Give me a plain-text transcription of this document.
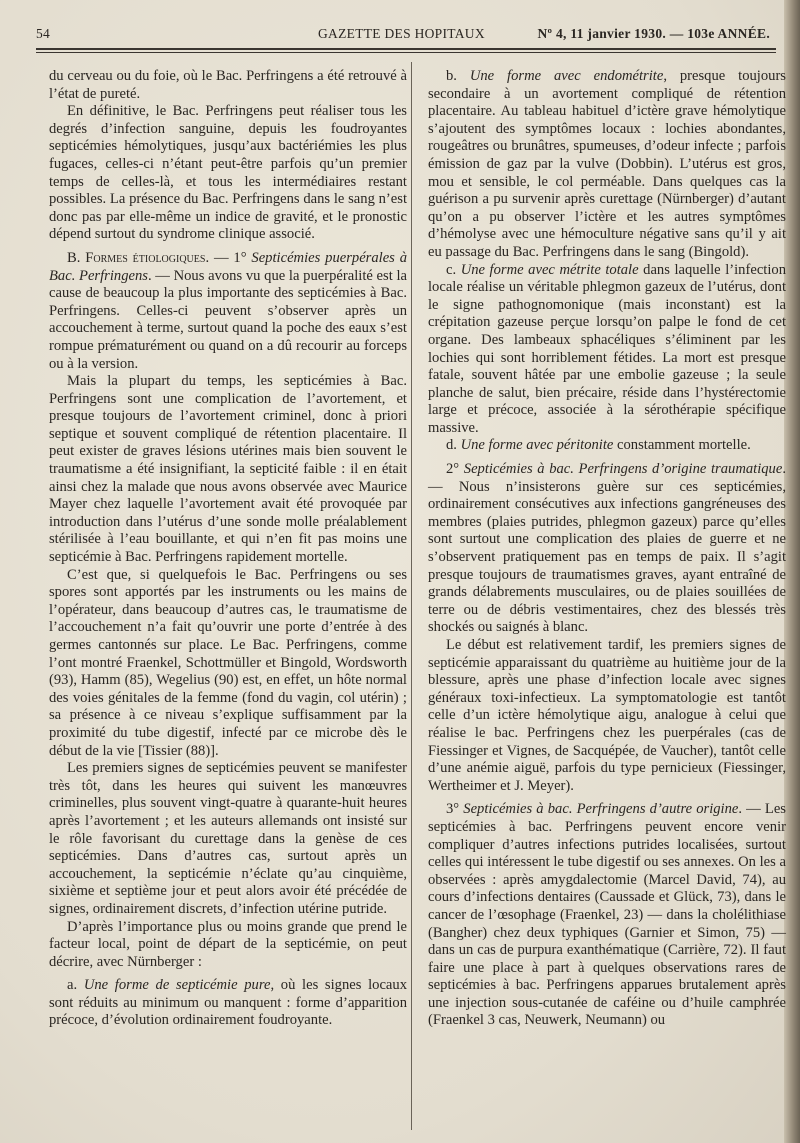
54	GAZETTE DES HOPITAUX	Nº 4, 11 janvier 1930. — 103e ANNÉE.

du cerveau ou du foie, où le Bac. Perfringens a été retrouvé à l’état de pureté.

En définitive, le Bac. Perfringens peut réaliser tous les degrés d’infection sanguine, depuis les foudroyantes septicémies hémolytiques, jusqu’aux bactériémies les plus fugaces, celles-ci n’étant peut-être parfois qu’un premier temps de celles-là, et tous les intermédiaires restant possibles. La présence du Bac. Perfringens dans le sang n’est donc pas par elle-même un indice de gravité, et le pronostic dépend surtout du syndrome clinique associé.

B. Formes étiologiques. — 1° Septicémies puerpérales à Bac. Perfringens. — Nous avons vu que la puerpéralité est la cause de beaucoup la plus importante des septicémies à Bac. Perfringens. Celles-ci peuvent s’observer après un accouchement à terme, surtout quand la poche des eaux s’est rompue prématurément ou quand on a dû recourir au forceps ou à la version.

Mais la plupart du temps, les septicémies à Bac. Perfringens sont une complication de l’avortement, et presque toujours de l’avortement criminel, donc à priori septique et souvent compliqué de rétention placentaire. Il peut exister de graves lésions utérines mais bien souvent le traumatisme a été insignifiant, la septicité faible : il en était ainsi chez la malade que nous avons observée avec Maurice Mayer chez laquelle l’avortement avait été provoquée par introduction dans l’utérus d’une sonde molle préalablement stérilisée à l’eau bouillante, et qui n’en fit pas moins une septicémie à Bac. Perfringens rapidement mortelle.

C’est que, si quelquefois le Bac. Perfringens ou ses spores sont apportés par les instruments ou les mains de l’opérateur, dans beaucoup d’autres cas, le traumatisme de l’accouchement n’a fait qu’ouvrir une porte d’entrée à des germes cantonnés sur place. Le Bac. Perfringens, comme l’ont montré Fraenkel, Schottmüller et Bingold, Wordsworth (93), Hamm (85), Wegelius (90) est, en effet, un hôte normal des voies génitales de la femme (fond du vagin, col utérin) ; sa présence à ce niveau s’explique suffisamment par la proximité du tube digestif, infecté par ce microbe dès le début de la vie [Tissier (88)].

Les premiers signes de septicémies peuvent se manifester très tôt, dans les heures qui suivent les manœuvres criminelles, plus souvent vingt-quatre à quarante-huit heures après l’avortement ; et les auteurs allemands ont insisté sur le rôle favorisant du curettage dans la genèse de ces septicémies. Dans d’autres cas, surtout après un accouchement, la septicémie n’éclate qu’au cinquième, sixième et septième jour et peut alors avoir été précédée de signes, ordinairement discrets, d’infection utérine putride.

D’après l’importance plus ou moins grande que prend le facteur local, point de départ de la septicémie, on peut décrire, avec Nürnberger :

a. Une forme de septicémie pure, où les signes locaux sont réduits au minimum ou manquent : forme d’apparition précoce, d’évolution ordinairement foudroyante.

b. Une forme avec endométrite, presque toujours secondaire à un avortement compliqué de rétention placentaire. Au tableau habituel d’ictère grave hémolytique s’ajoutent des symptômes locaux : lochies abondantes, rougeâtres ou brunâtres, spumeuses, d’odeur infecte ; parfois émission de gaz par la vulve (Dobbin). L’utérus est gros, mou et sensible, le col perméable. Dans quelques cas la guérison a pu survenir après curettage (Nürnberger) d’autant qu’on a pu observer l’ictère et les autres symptômes d’hémolyse avec une hémoculture négative sans qu’il y ait eu passage du Bac. Perfringens dans le sang (Bingold).

c. Une forme avec métrite totale dans laquelle l’infection locale réalise un véritable phlegmon gazeux de l’utérus, dont le signe pathognomonique (mais inconstant) est la crépitation gazeuse perçue lorsqu’on palpe le fond de cet organe. Des lambeaux sphacéliques s’éliminent par les lochies qui sont horriblement fétides. La mort est presque fatale, souvent hâtée par une embolie gazeuse ; la seule planche de salut, bien précaire, réside dans l’hystérectomie large et précoce, associée à la sérothérapie spécifique massive.

d. Une forme avec péritonite constamment mortelle.

2° Septicémies à bac. Perfringens d’origine traumatique. — Nous n’insisterons guère sur ces septicémies, ordinairement consécutives aux infections gangréneuses des membres (plaies putrides, phlegmon gazeux) parce qu’elles sont surtout une complication des plaies de guerre et ne s’observent pratiquement pas en temps de paix. Il s’agit presque toujours de traumatismes graves, ayant entraîné de grands délabrements musculaires, ou de plaies souillées de terre ou de débris vestimentaires, chez des blessés très shockés ou saignés à blanc.

Le début est relativement tardif, les premiers signes de septicémie apparaissant du quatrième au huitième jour de la blessure, après une phase d’infection locale avec signes généraux toxi-infectieux. La symptomatologie est tantôt celle d’un ictère hémolytique aigu, analogue à celui que réalise le bac. Perfringens chez les puerpérales (cas de Fiessinger et Vignes, de Sacquépée, de Vaucher), tantôt celle d’une anémie aiguë, parfois du type pernicieux (Fiessinger, Wertheimer et J. Meyer).

3° Septicémies à bac. Perfringens d’autre origine. — Les septicémies à bac. Perfringens peuvent encore venir compliquer d’autres infections putrides localisées, surtout celles qui intéressent le tube digestif ou ses annexes. On les a observées : après amygdalectomie (Marcel David, 74), au cours d’infections dentaires (Caussade et Glück, 73), dans le cancer de l’œsophage (Fraenkel, 23) — dans la cholélithiase (Bangher) chez deux typhiques (Garnier et Simon, 75) — dans un cas de purpura exanthématique (Carrière, 72). Il faut faire une place à part à quelques observations rares de septicémies à bac. Perfringens apparues brutalement après une injection sous-cutanée de caféine ou d’huile camphrée (Fraenkel 3 cas, Neuwerk, Neumann) ou
